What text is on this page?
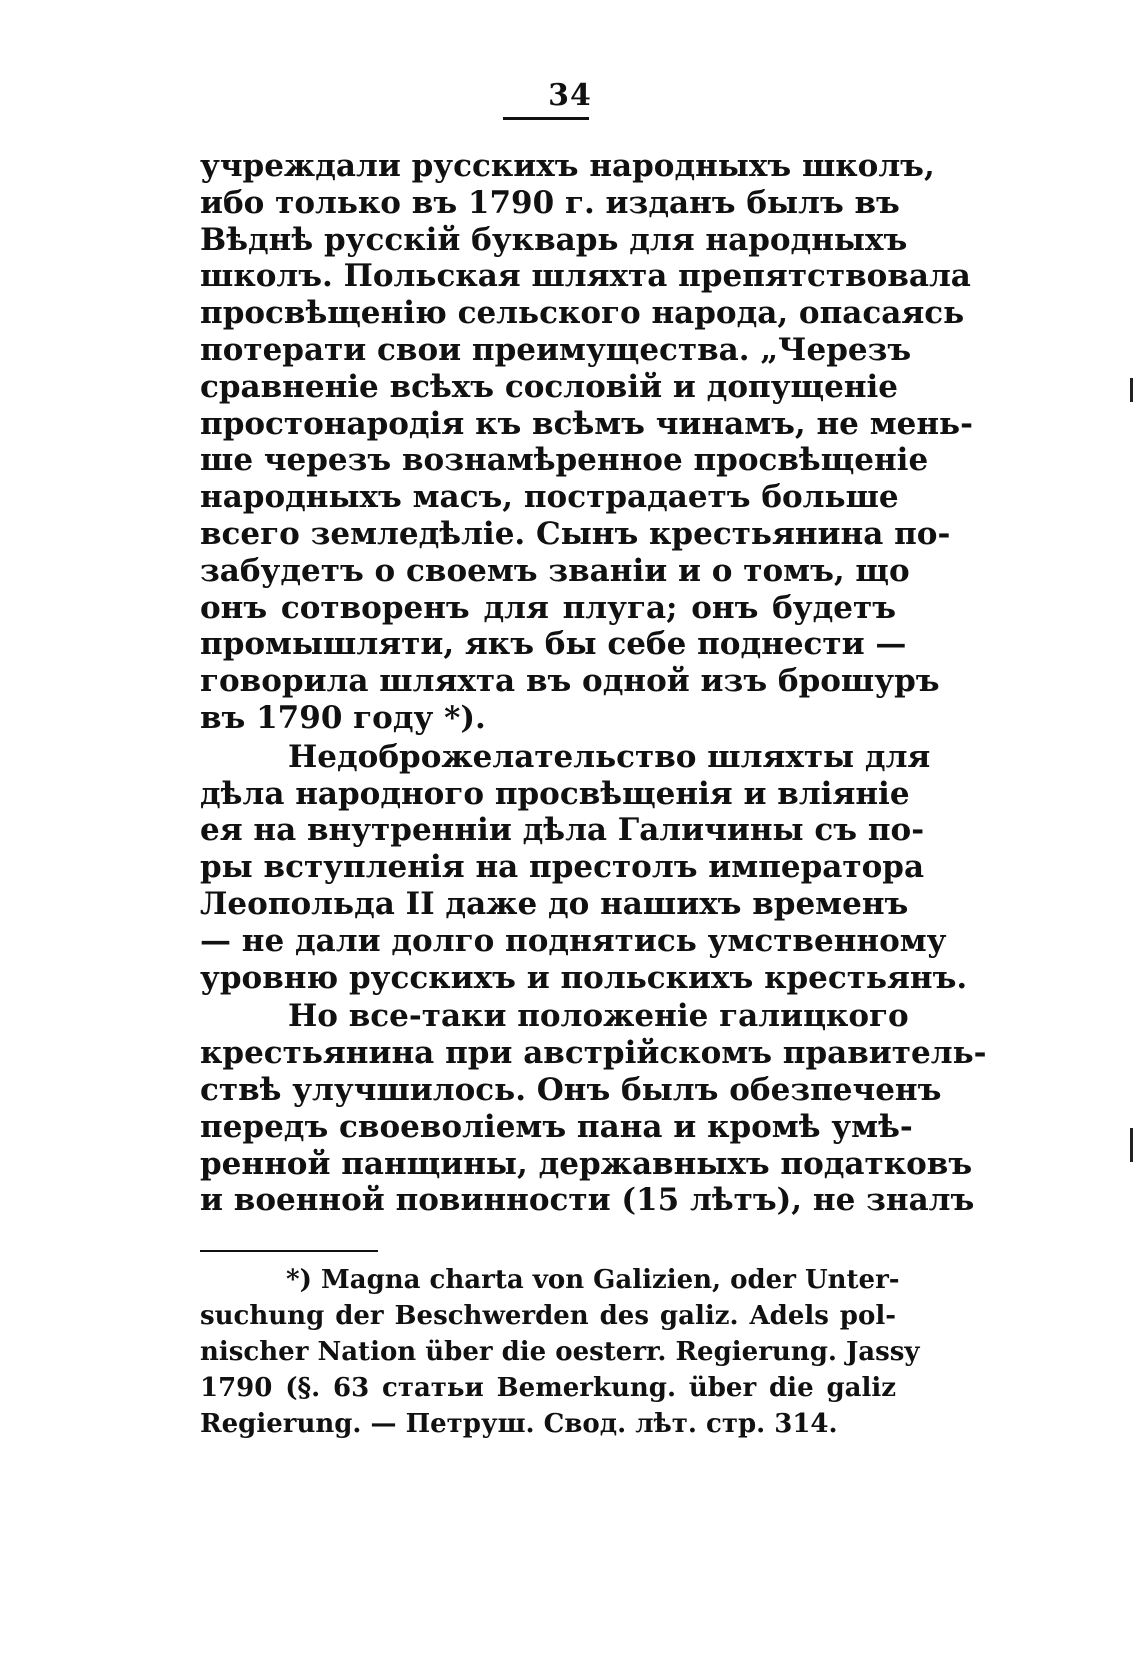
34
учреждали русскихъ народныхъ школъ,
ибо только въ 1790 г. изданъ былъ въ
Вѣднѣ русскій букварь для народныхъ
школъ. Польская шляхта препятствовала
просвѣщенію сельского народа, опасаясь
потерати свои преимущества. „Черезъ
сравненіе всѣхъ сословій и допущеніе
простонародія къ всѣмъ чинамъ, не мень-
ше черезъ вознамѣренное просвѣщеніе
народныхъ масъ, пострадаетъ больше
всего земледѣліе. Сынъ крестьянина по-
забудетъ о своемъ званіи и о томъ, що
онъ сотворенъ для плуга; онъ будетъ
промышляти, якъ бы себе поднести —
говорила шляхта въ одной изъ брошуръ
въ 1790 году *).
Недоброжелательство шляхты для
дѣла народного просвѣщенія и вліяніе
ея на внутренніи дѣла Галичины съ по-
ры вступленія на престолъ императора
Леопольда II даже до нашихъ временъ
— не дали долго поднятись умственному
уровню русскихъ и польскихъ крестьянъ.
Но все-таки положеніе галицкого
крестьянина при австрійскомъ правитель-
ствѣ улучшилось. Онъ былъ обезпеченъ
передъ своеволіемъ пана и кромѣ умѣ-
ренной панщины, державныхъ податковъ
и военной повинности (15 лѣтъ), не зналъ
*) Magna charta von Galizien, oder Unter-
suchung der Beschwerden des galiz. Adels pol-
nischer Nation über die oesterr. Regierung. Jassy
1790 (§. 63 статьи Bemerkung. über die galiz
Regierung. — Петруш. Свод. лѣт. стр. 314.
